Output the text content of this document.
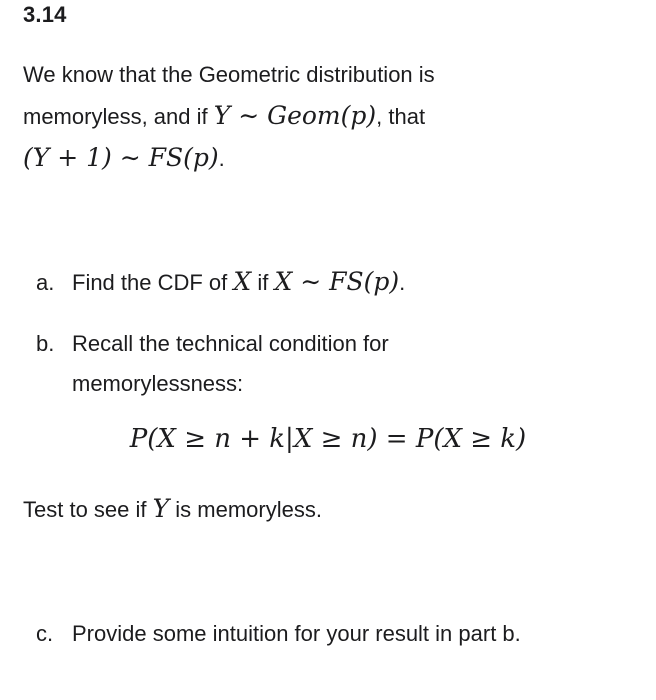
3.14
We know that the Geometric distribution is
memoryless, and if Y ∼ Geom(p), that
(Y + 1) ∼ FS(p).
a. Find the CDF of X if X ∼ FS(p).
b. Recall the technical condition for
memorylessness:
P(X ≥ n + k|X ≥ n) = P(X ≥ k)
Test to see if Y is memoryless.
c. Provide some intuition for your result in part b.
